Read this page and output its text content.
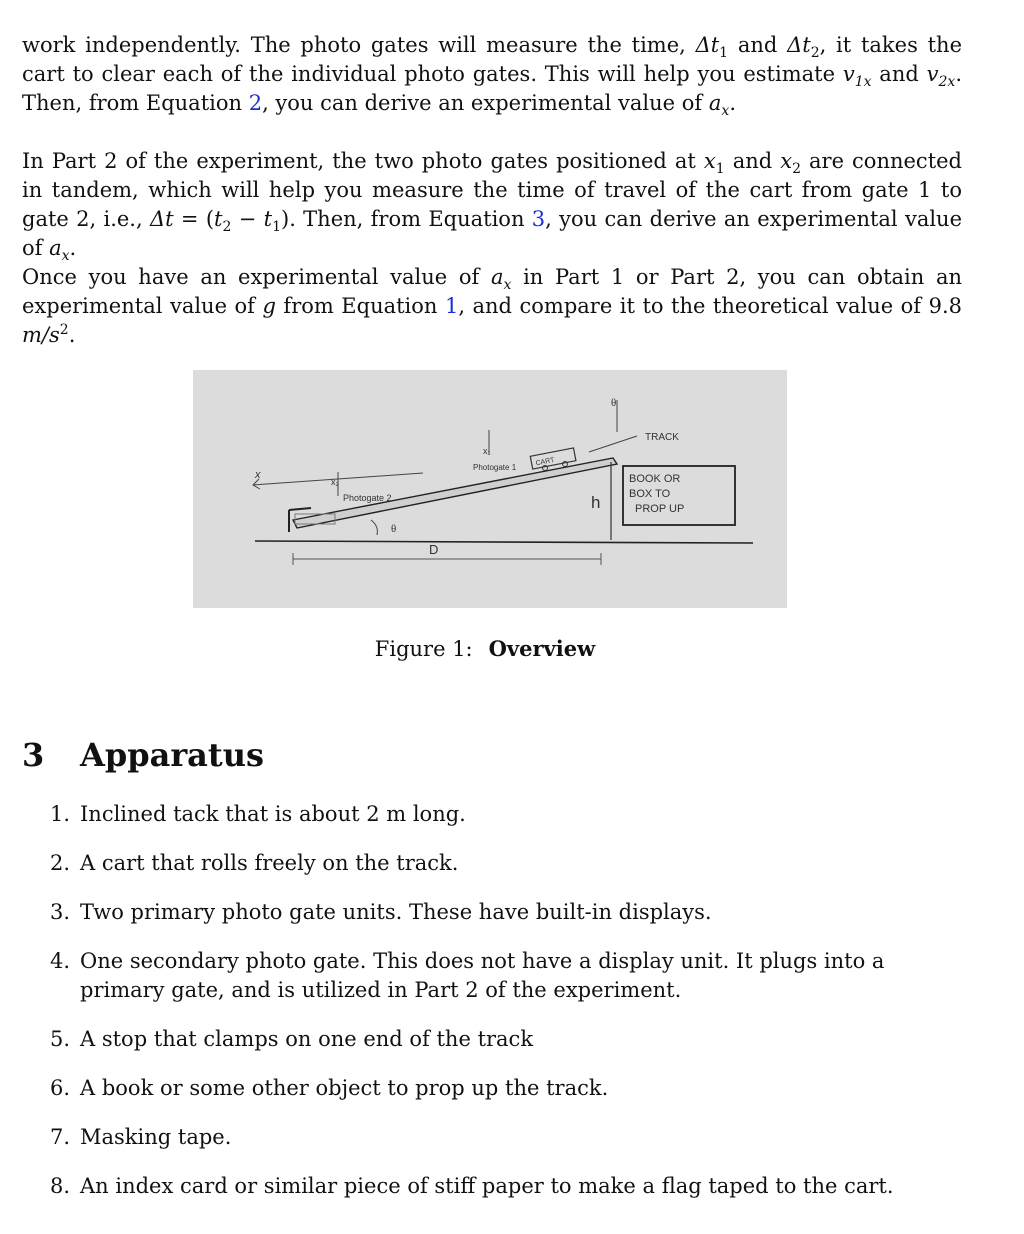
work independently. The photo gates will measure the time, $\Delta t_1$ and $\Delta t_2$, it takes the cart to clear each of the individual photo gates. This will help you estimate $v_{1x}$ and $v_{2x}$. Then, from Equation 2, you can derive an experimental value of $a_x$.

In Part 2 of the experiment, the two photo gates positioned at $x_1$ and $x_2$ are connected in tandem, which will help you measure the time of travel of the cart from gate 1 to gate 2, i.e., $\Delta t = (t_2 - t_1)$. Then, from Equation 3, you can derive an experimental value of $a_x$.

Once you have an experimental value of $a_x$ in Part 1 or Part 2, you can obtain an experimental value of g from Equation 1, and compare it to the theoretical value of 9.8 $m/s^2$.

x
x₂
Photogate 2
θ
D
x₁
Photogate 1
CART
h
θ
TRACK
BOOK OR
BOX TO
PROP UP
Figure 1: Overview
3 Apparatus
1. Inclined tack that is about 2 m long.
2. A cart that rolls freely on the track.
3. Two primary photo gate units. These have built-in displays.
4. One secondary photo gate. This does not have a display unit. It plugs into a primary gate, and is utilized in Part 2 of the experiment.
5. A stop that clamps on one end of the track
6. A book or some other object to prop up the track.
7. Masking tape.
8. An index card or similar piece of stiff paper to make a flag taped to the cart.
